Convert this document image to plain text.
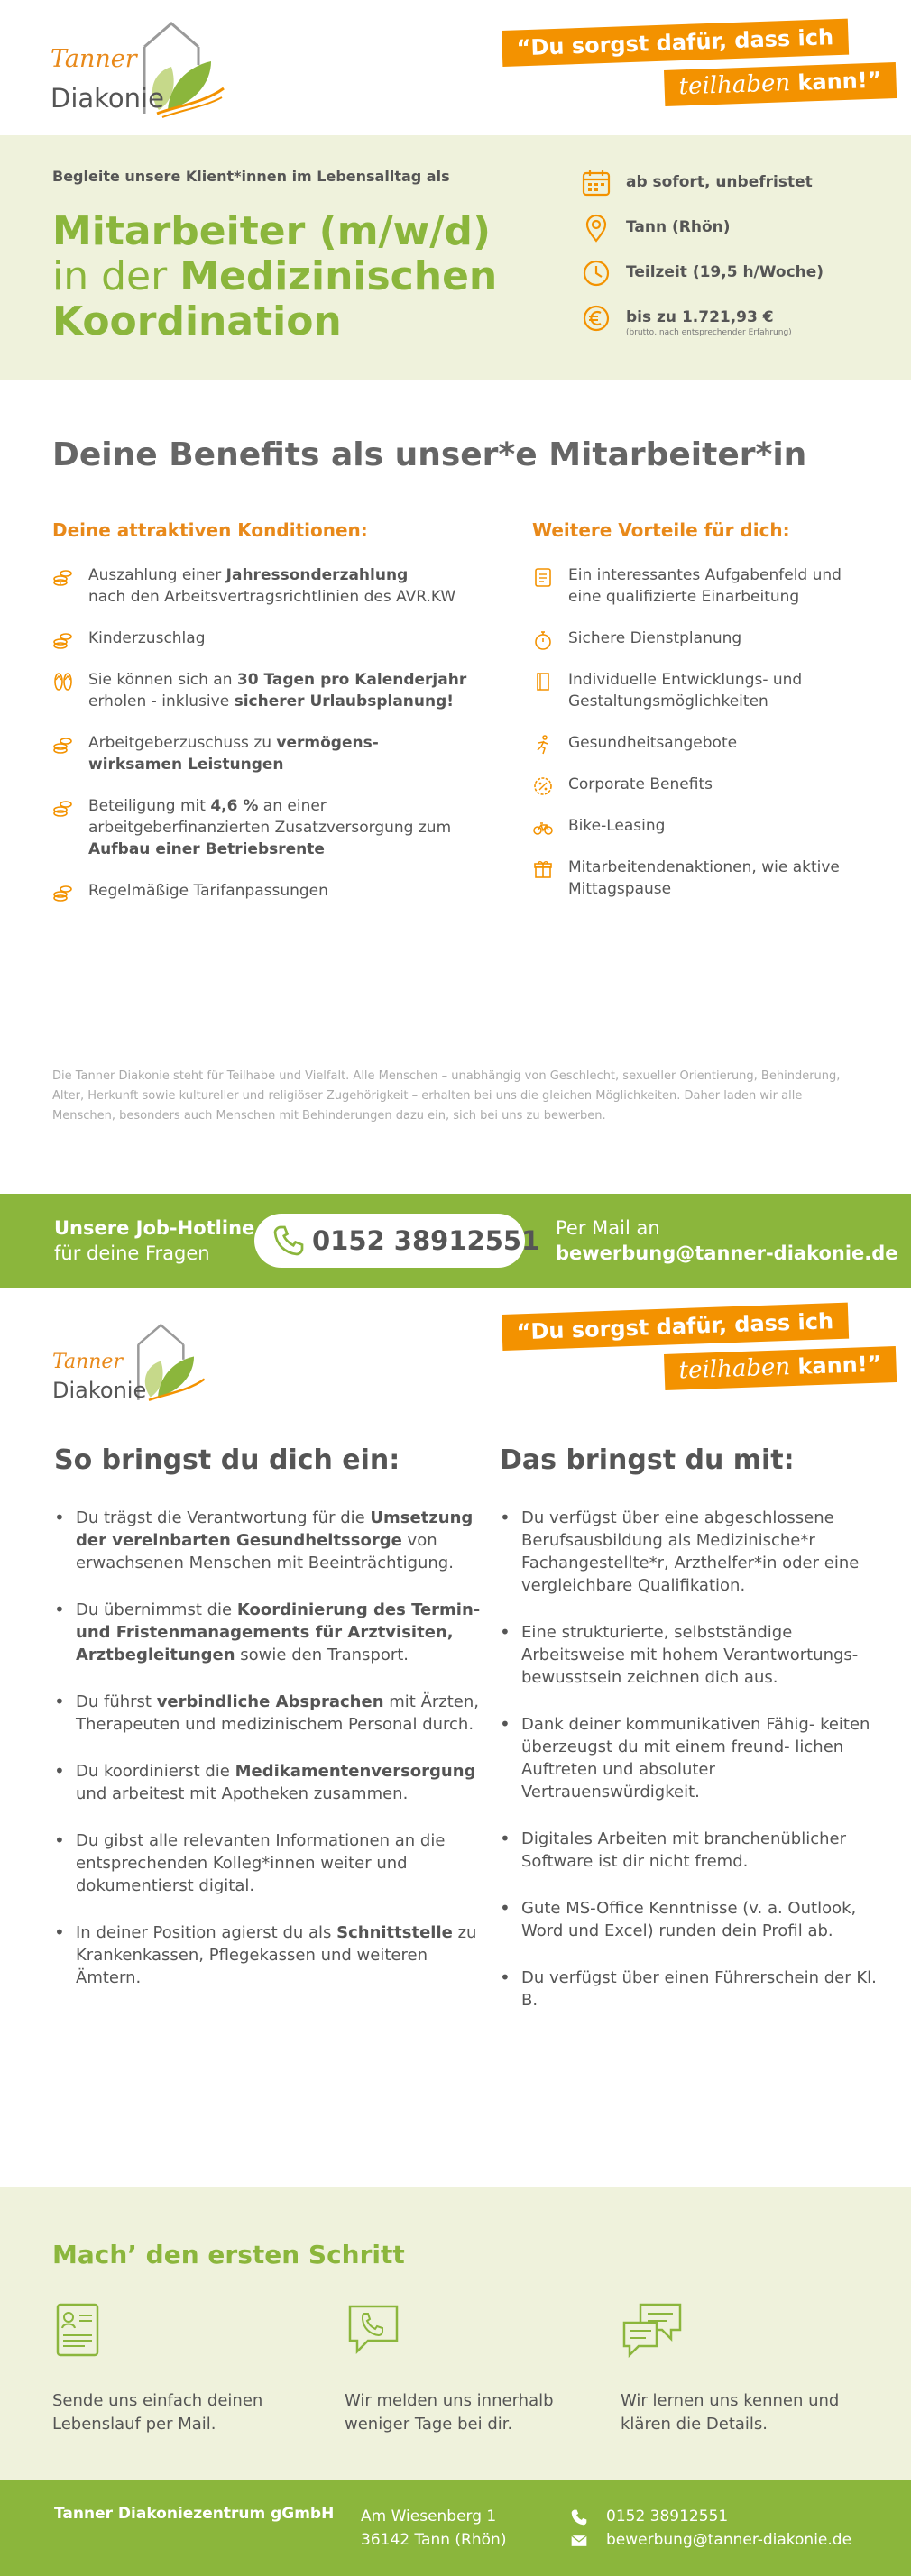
Tanner
Diakonie
“Du sorgst dafür, dass ich
teilhaben kann!”
Begleite unsere Klient*innen im Lebensalltag als
Mitarbeiter (m/w/d)
in der Medizinischen
Koordination
ab sofort, unbefristet
Tann (Rhön)
Teilzeit (19,5 h/Woche)
bis zu 1.721,93 €
(brutto, nach entsprechender Erfahrung)
Deine Benefits als unser*e Mitarbeiter*in
Deine attraktiven Konditionen:
Auszahlung einer Jahressonderzahlung
nach den Arbeitsvertragsrichtlinien des AVR.KW
Kinderzuschlag
Sie können sich an 30 Tagen pro Kalenderjahr erholen - inklusive sicherer Urlaubsplanung!
Arbeitgeberzuschuss zu vermögens- wirksamen Leistungen
Beteiligung mit 4,6 % an einer arbeitgeberfinanzierten Zusatzversorgung zum Aufbau einer Betriebsrente
Regelmäßige Tarifanpassungen
Weitere Vorteile für dich:
Ein interessantes Aufgabenfeld und eine qualifizierte Einarbeitung
Sichere Dienstplanung
Individuelle Entwicklungs- und Gestaltungsmöglichkeiten
Gesundheitsangebote
Corporate Benefits
Bike-Leasing
Mitarbeitendenaktionen, wie aktive Mittagspause

Die Tanner Diakonie steht für Teilhabe und Vielfalt. Alle Menschen – unabhängig von Geschlecht, sexueller Orientierung, Behinderung, Alter, Herkunft sowie kultureller und religiöser Zugehörigkeit – erhalten bei uns die gleichen Möglichkeiten. Daher laden wir alle Menschen, besonders auch Menschen mit Behinderungen dazu ein, sich bei uns zu bewerben.

Unsere Job-Hotline
für deine Fragen	0152 38912551 Per Mail an
bewerbung@tanner-diakonie.de
Tanner
Diakonie
“Du sorgst dafür, dass ich
teilhaben kann!”
So bringst du dich ein:
• Du trägst die Verantwortung für die Umsetzung der vereinbarten Gesundheitssorge von erwachsenen Menschen mit Beeinträchtigung.
• Du übernimmst die Koordinierung des Termin- und Fristenmanagements für Arztvisiten, Arztbegleitungen sowie den Transport.
• Du führst verbindliche Absprachen mit Ärzten, Therapeuten und medizinischem Personal durch.
• Du koordinierst die Medikamentenversorgung und arbeitest mit Apotheken zusammen.
• Du gibst alle relevanten Informationen an die entsprechenden Kolleg*innen weiter und dokumentierst digital.
• In deiner Position agierst du als Schnittstelle zu Krankenkassen, Pflegekassen und weiteren Ämtern.
Das bringst du mit:
• Du verfügst über eine abgeschlossene Berufsausbildung als Medizinische*r Fachangestellte*r, Arzthelfer*in oder eine vergleichbare Qualifikation.
• Eine strukturierte, selbstständige Arbeitsweise mit hohem Verantwortungs- bewusstsein zeichnen dich aus.
• Dank deiner kommunikativen Fähig- keiten überzeugst du mit einem freund- lichen Auftreten und absoluter Vertrauenswürdigkeit.
• Digitales Arbeiten mit branchenüblicher Software ist dir nicht fremd.
• Gute MS-Office Kenntnisse (v. a. Outlook, Word und Excel) runden dein Profil ab.
• Du verfügst über einen Führerschein der Kl. B.
Mach’ den ersten Schritt
Sende uns einfach deinen Lebenslauf per Mail.
Wir melden uns innerhalb weniger Tage bei dir.
Wir lernen uns kennen und klären die Details.
Tanner Diakoniezentrum gGmbH Am Wiesenberg 1
36142 Tann (Rhön)
0152 38912551
bewerbung@tanner-diakonie.de
